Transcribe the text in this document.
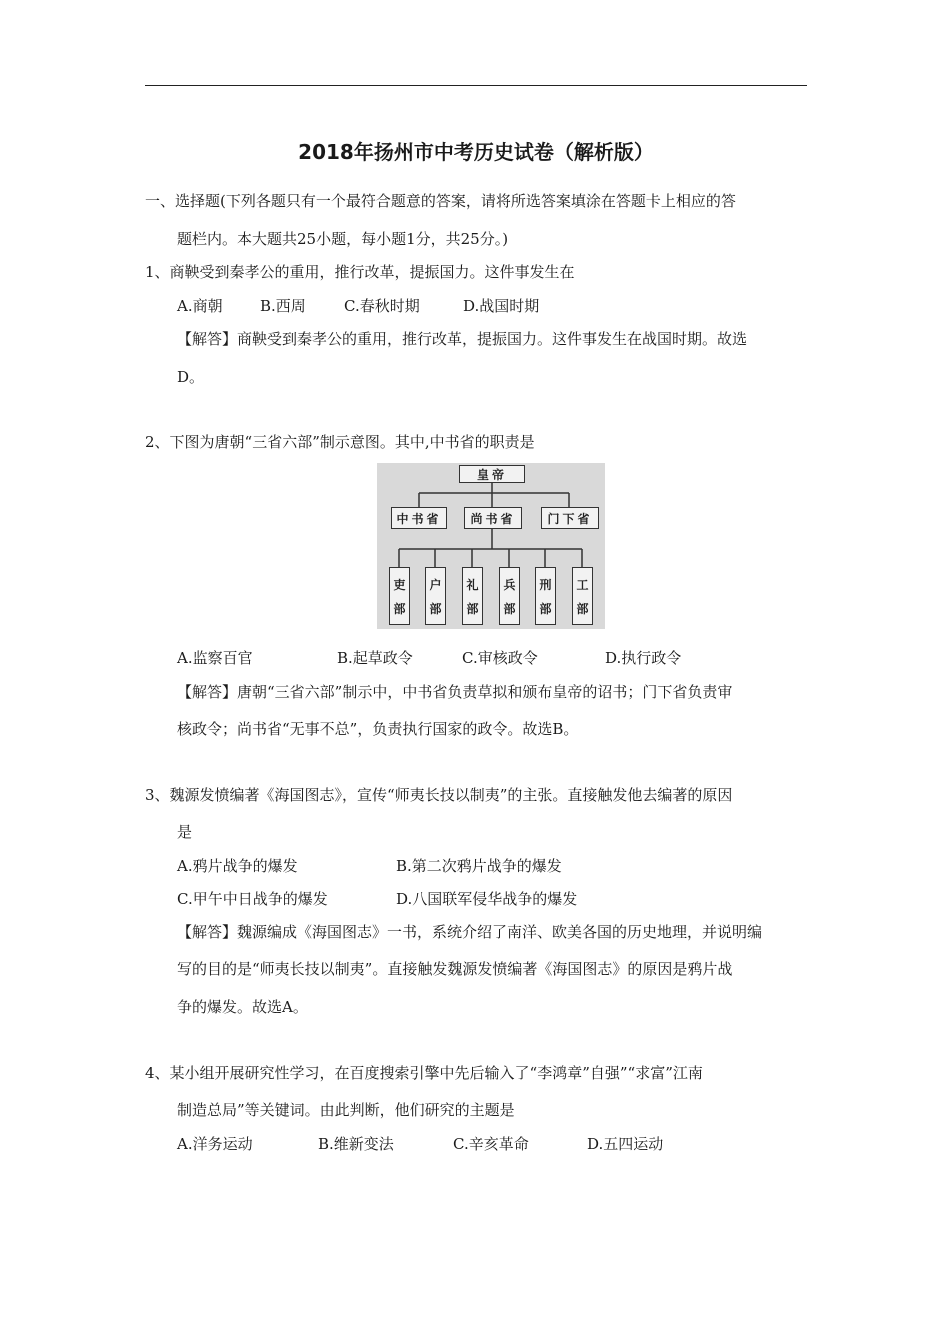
2018年扬州市中考历史试卷（解析版）
一、选择题(下列各题只有一个最符合题意的答案，请将所选答案填涂在答题卡上相应的答
题栏内。本大题共25小题，每小题1分，共25分。)
1、商鞅受到秦孝公的重用，推行改革，提振国力。这件事发生在
A.商朝 B.西周	C.春秋时期	D.战国时期
【解答】商鞅受到秦孝公的重用，推行改革，提振国力。这件事发生在战国时期。故选
D。
2、下图为唐朝“三省六部”制示意图。其中,中书省的职责是
皇帝
中书省	尚书省	门下省
吏
部
户
部
礼
部
兵
部
刑
部
工
部
A.监察百官	B.起草政令	C.审核政令	D.执行政令
【解答】唐朝“三省六部”制示中，中书省负责草拟和颁布皇帝的诏书；门下省负责审
核政令；尚书省“无事不总”，负责执行国家的政令。故选B。
3、魏源发愤编著《海国图志》，宣传“师夷长技以制夷”的主张。直接触发他去编著的原因
是
A.鸦片战争的爆发	B.第二次鸦片战争的爆发
C.甲午中日战争的爆发	D.八国联军侵华战争的爆发
【解答】魏源编成《海国图志》一书，系统介绍了南洋、欧美各国的历史地理，并说明编
写的目的是“师夷长技以制夷”。直接触发魏源发愤编著《海国图志》的原因是鸦片战
争的爆发。故选A。
4、某小组开展研究性学习，在百度搜索引擎中先后输入了“李鸿章”自强”“求富”江南
制造总局”等关键词。由此判断，他们研究的主题是
A.洋务运动	B.维新变法	C.辛亥革命	D.五四运动
